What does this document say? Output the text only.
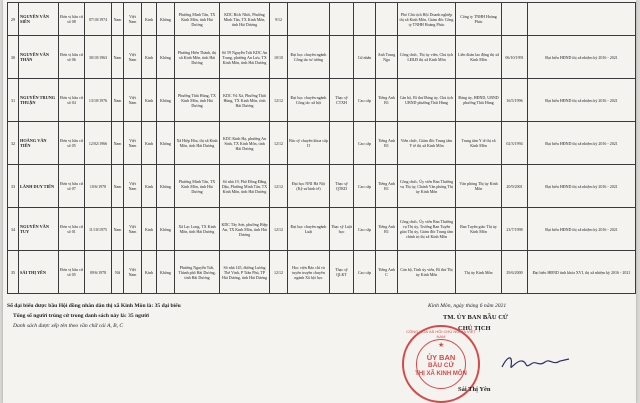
29	NGUYỄN VĂN SIÊN	Đơn vị bầu cử số 08	07/10/1974	Nam	Việt Nam	Kinh	Không	Phường Minh Tân, TX Kinh Môn, tỉnh Hải Dương	KDC Bích Nhôi, Phường Minh Tân, TX Kinh Môn, tỉnh Hải Dương	9/12					Phó Chủ tịch Hội Doanh nghiệp thị xã Kinh Môn, Giám đốc Công ty TNHH Hoàng Phúc	Công ty TNHH Hoàng Phúc		
30	NGUYỄN VĂN THẢN	Đơn vị bầu cử số 06	30/10/1963	Nam	Việt Nam	Kinh	Không	Phường Hiến Thành, thị xã Kinh Môn, tỉnh Hải Dương	Số 59 Nguyễn Trãi KDC An Trung, phường An Lưu, TX Kinh Môn, tỉnh Hải Dương	10/10	Đại học chuyên ngành Công tác tư tưởng		Cử nhân	Anh Trung Nga	Công chức, Thị ủy viên, Chủ tịch LĐLĐ thị xã Kinh Môn	Liên đoàn lao động thị xã Kinh Môn	06/10/1991	Đại biểu HĐND thị xã nhiệm kỳ 2016 - 2021
31	NGUYỄN TRUNG THUẬN	Đơn vị bầu cử số 04	13/10/1976	Nam	Việt Nam	Kinh	Không	Phường Thất Hùng, TX Kinh Môn, tỉnh Hải Dương	KDC Vũ Xá, Phường Thất Hùng, TX Kinh Môn, tỉnh Hải Dương	12/12	Đại học chuyên ngành Công tác xã hội	Thạc sỹ CTXH	Cao cấp	Tiếng Anh B1	Cán bộ, Bí thư Đảng ủy, Chủ tịch UBND phường Thất Hùng	Đảng ủy, HĐND, UBND phường Thất Hùng	16/5/1996	Đại biểu HĐND thị xã nhiệm kỳ 2016 - 2021
32	HOÀNG VĂN TIẾN	Đơn vị bầu cử số 05	12/02/1966	Nam	Việt Nam	Kinh	Không	Xã Hiệp Hòa, thị xã Kinh Môn, tỉnh Hải Dương	KDC Kinh Hạ, phường An Sinh, TX Kinh Môn, tỉnh Hải Dương	12/12	Bác sỹ chuyên khoa cấp II		Cao cấp	Tiếng Anh B1	Viên chức, Giám đốc Trung tâm Y tế thị xã Kinh Môn	Trung tâm Y tế thị xã Kinh Môn	02/3/1994	Đại biểu HĐND thị xã nhiệm kỳ 2016 - 2021
33	LÃNH DUY TIẾN	Đơn vị bầu cử số 07	10/6/1978	Nam	Việt Nam	Kinh	Không	Phường Minh Tân, TX Kinh Môn, tỉnh Hải Dương	Số nhà 19, Phố Đồng Đẳng Dậu, Phường Minh Tân, TX Kinh Môn, tỉnh Hải Dương	12/12	Đại học NNI Hà Nội (Kỹ sư kinh tế)	Thạc sỹ QTKD	Cao cấp	Tiếng Anh B1	Công chức, Ủy viên Ban Thường vụ Thị ủy, Chánh Văn phòng Thị ủy Kinh Môn	Văn phòng Thị ủy Kinh Môn	20/9/2001	Đại biểu HĐND thị xã nhiệm kỳ 2016 - 2021
34	NGUYỄN VĂN TUY	Đơn vị bầu cử số 01	11/10/1975	Nam	Việt Nam	Kinh	Không	Xã Lạc Long, TX Kinh Môn, tỉnh Hải Dương	KDC Tây Sơn, phường Hiệp An, TX Kinh Môn, tỉnh Hải Dương	12/12	Đại học chuyên ngành Luật	Thạc sỹ Luật học	Cao cấp	Tiếng Anh B1	Công chức, Ủy viên Ban Thường vụ Thị ủy, Trưởng Ban Tuyên giáo Thị ủy, Giám đốc Trung tâm chính trị thị xã Kinh Môn	Ban Tuyên giáo Thị ủy Kinh Môn	23/7/1998	Đại biểu HĐND thị xã nhiệm kỳ 2016 - 2021
35	SÁI THỊ YÊN	Đơn vị bầu cử số 05	09/6/1978	Nữ	Việt Nam	Kinh	Không	Phường Nguyễn Trãi, Thành phố Hải Dương, tỉnh Hải Dương	Số nhà 145, đường Lương Thế Vinh, P Trần Phú, TP Hải Dương, tỉnh Hải Dương	12/12	Học viện Báo chí và tuyên truyền chuyên ngành Xã hội học	Thạc sỹ QLKT	Cao cấp	Tiếng Anh C	Cán bộ, Tỉnh ủy viên, Bí thư Thị ủy Kinh Môn	Thị ủy Kinh Môn	29/6/2000	Đại biểu HĐND tỉnh khóa XVI, thị xã nhiệm kỳ 2016 - 2021
Số đại biểu được bầu Hội đồng nhân dân thị xã Kinh Môn là: 35 đại biểu
Tổng số người trúng cử trong danh sách này là: 35 người
Danh sách được xếp tên theo vần chữ cái A, B, C
Kinh Môn, ngày tháng 6 năm 2021
TM. ỦY BAN BẦU CỬ
CHỦ TỊCH
CỘNG HÒA XÃ HỘI CHỦ NGHĨA VIỆT NAM
★
ỦY BAN
BẦU CỬ
THỊ XÃ KINH MÔN
Sái Thị Yên
